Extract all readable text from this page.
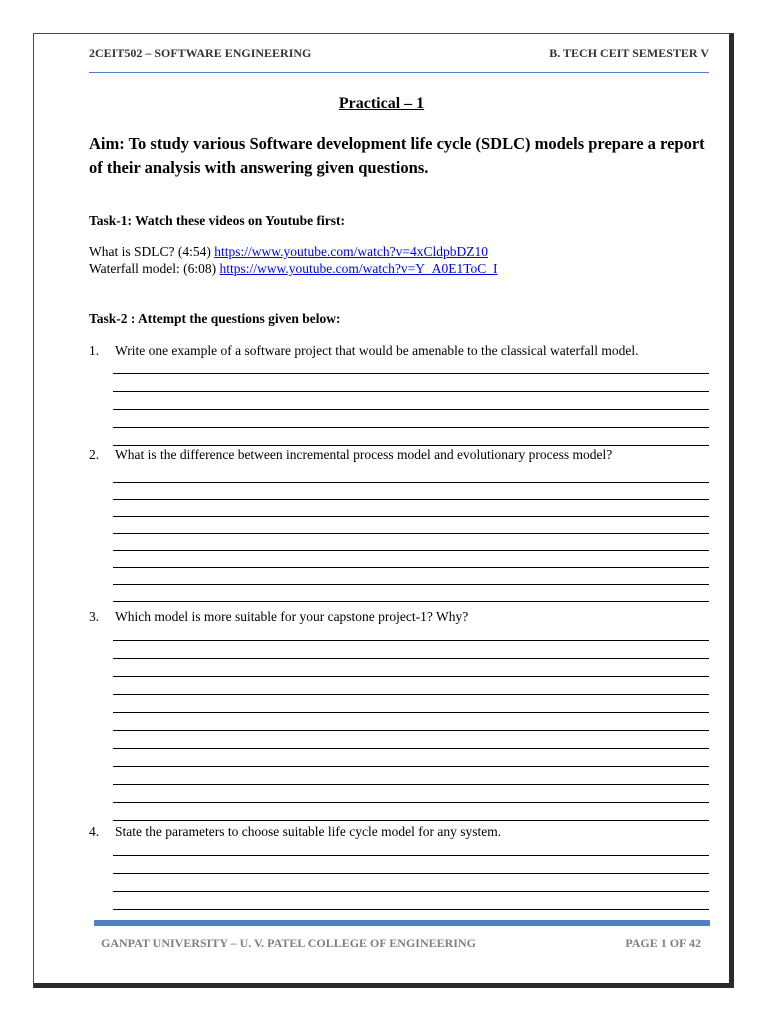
2CEIT502 – SOFTWARE ENGINEERING	B. TECH CEIT SEMESTER V
Practical – 1
Aim: To study various Software development life cycle (SDLC) models prepare a report of their analysis with answering given questions.
Task-1: Watch these videos on Youtube first:
What is SDLC? (4:54) https://www.youtube.com/watch?v=4xCldpbDZ10
Waterfall model: (6:08) https://www.youtube.com/watch?v=Y_A0E1ToC_I
Task-2 : Attempt the questions given below:
1. Write one example of a software project that would be amenable to the classical waterfall model.
2. What is the difference between incremental process model and evolutionary process model?
3. Which model is more suitable for your capstone project-1? Why?
4. State the parameters to choose suitable life cycle model for any system.
GANPAT UNIVERSITY – U. V. PATEL COLLEGE OF ENGINEERING	PAGE 1 OF 42
